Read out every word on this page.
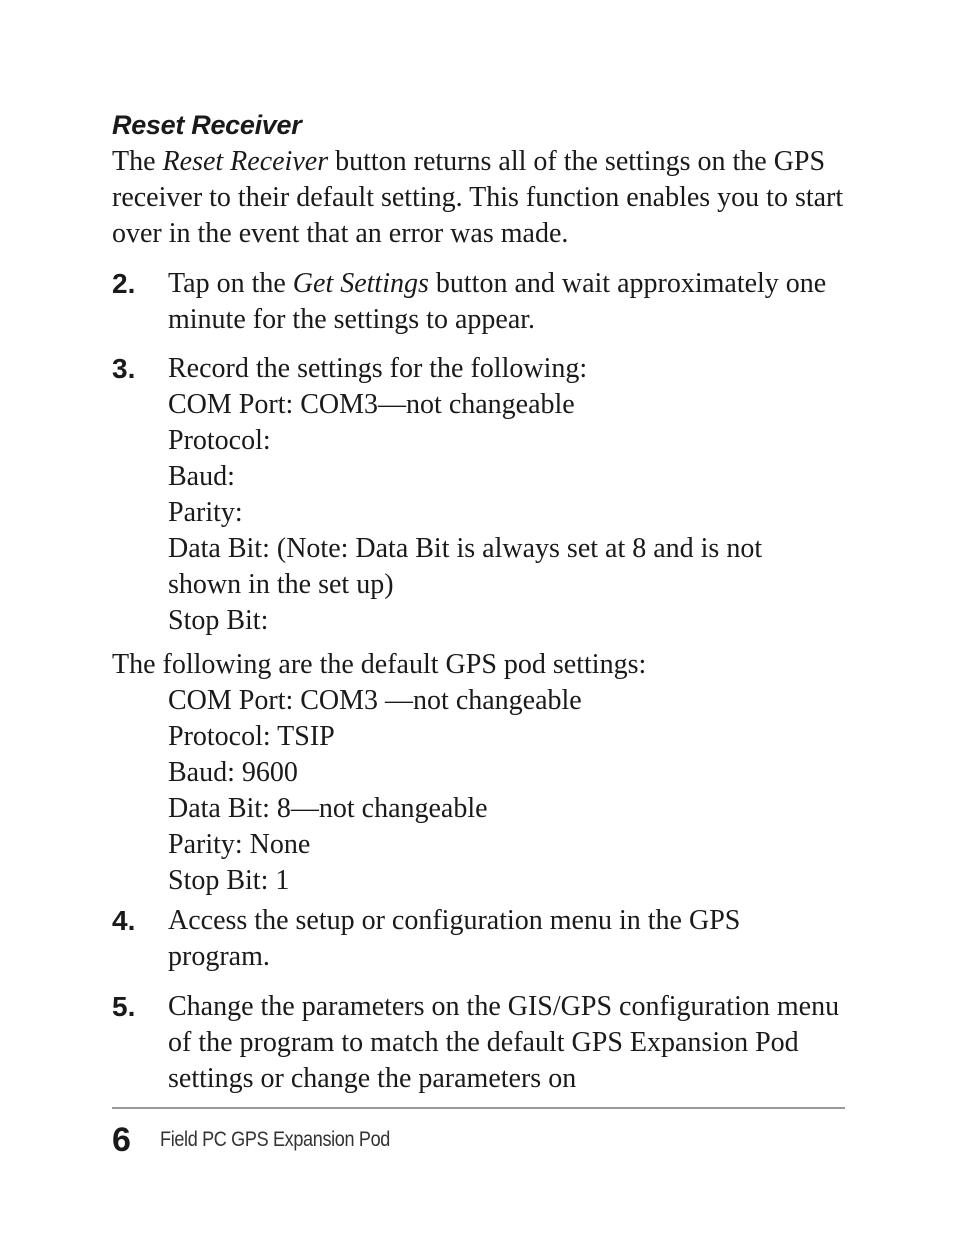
Reset Receiver

The Reset Receiver button returns all of the settings on the GPS receiver to their default setting. This function enables you to start over in the event that an error was made.

2. Tap on the Get Settings button and wait approximately one minute for the settings to appear.

3. Record the settings for the following:
COM Port: COM3—not changeable
Protocol:
Baud:
Parity:
Data Bit: (Note: Data Bit is always set at 8 and is not
shown in the set up)
Stop Bit:
The following are the default GPS pod settings:
COM Port: COM3 —not changeable
Protocol: TSIP
Baud: 9600
Data Bit: 8—not changeable
Parity: None
Stop Bit: 1
4. Access the setup or configuration menu in the GPS program.

5. Change the parameters on the GIS/GPS configuration menu of the program to match the default GPS Expansion Pod settings or change the parameters on

6	Field PC GPS Expansion Pod
